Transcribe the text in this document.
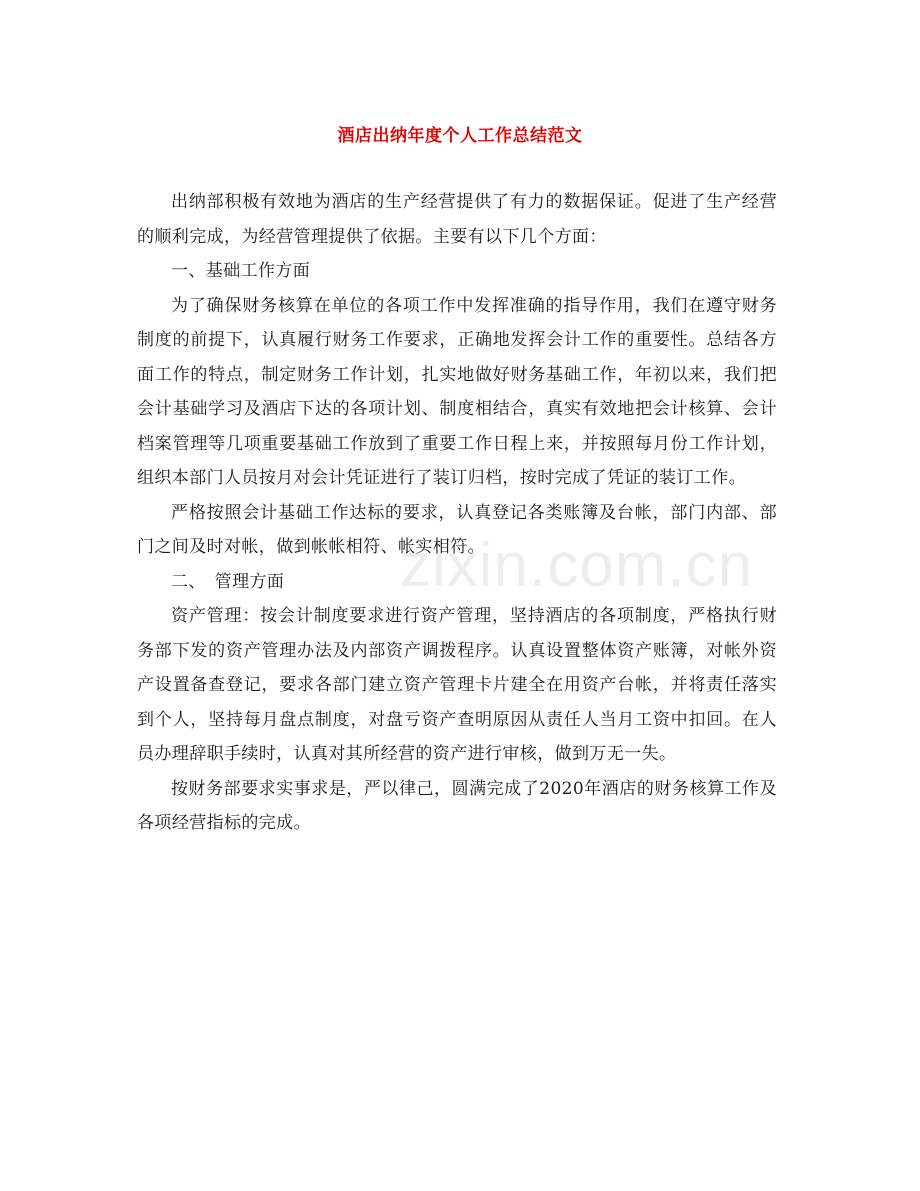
酒店出纳年度个人工作总结范文

出纳部积极有效地为酒店的生产经营提供了有力的数据保证。促进了生产经营的顺利完成，为经营管理提供了依据。主要有以下几个方面：

一、基础工作方面

为了确保财务核算在单位的各项工作中发挥准确的指导作用，我们在遵守财务制度的前提下，认真履行财务工作要求，正确地发挥会计工作的重要性。总结各方面工作的特点，制定财务工作计划，扎实地做好财务基础工作，年初以来，我们把会计基础学习及酒店下达的各项计划、制度相结合，真实有效地把会计核算、会计档案管理等几项重要基础工作放到了重要工作日程上来，并按照每月份工作计划，组织本部门人员按月对会计凭证进行了装订归档，按时完成了凭证的装订工作。

严格按照会计基础工作达标的要求，认真登记各类账簿及台帐，部门内部、部门之间及时对帐，做到帐帐相符、帐实相符。

二、　管理方面

资产管理：按会计制度要求进行资产管理，坚持酒店的各项制度，严格执行财务部下发的资产管理办法及内部资产调拨程序。认真设置整体资产账簿，对帐外资产设置备查登记，要求各部门建立资产管理卡片建全在用资产台帐，并将责任落实到个人，坚持每月盘点制度，对盘亏资产查明原因从责任人当月工资中扣回。在人员办理辞职手续时，认真对其所经营的资产进行审核，做到万无一失。

按财务部要求实事求是，严以律己，圆满完成了2020年酒店的财务核算工作及各项经营指标的完成。

zixin.com.cn
